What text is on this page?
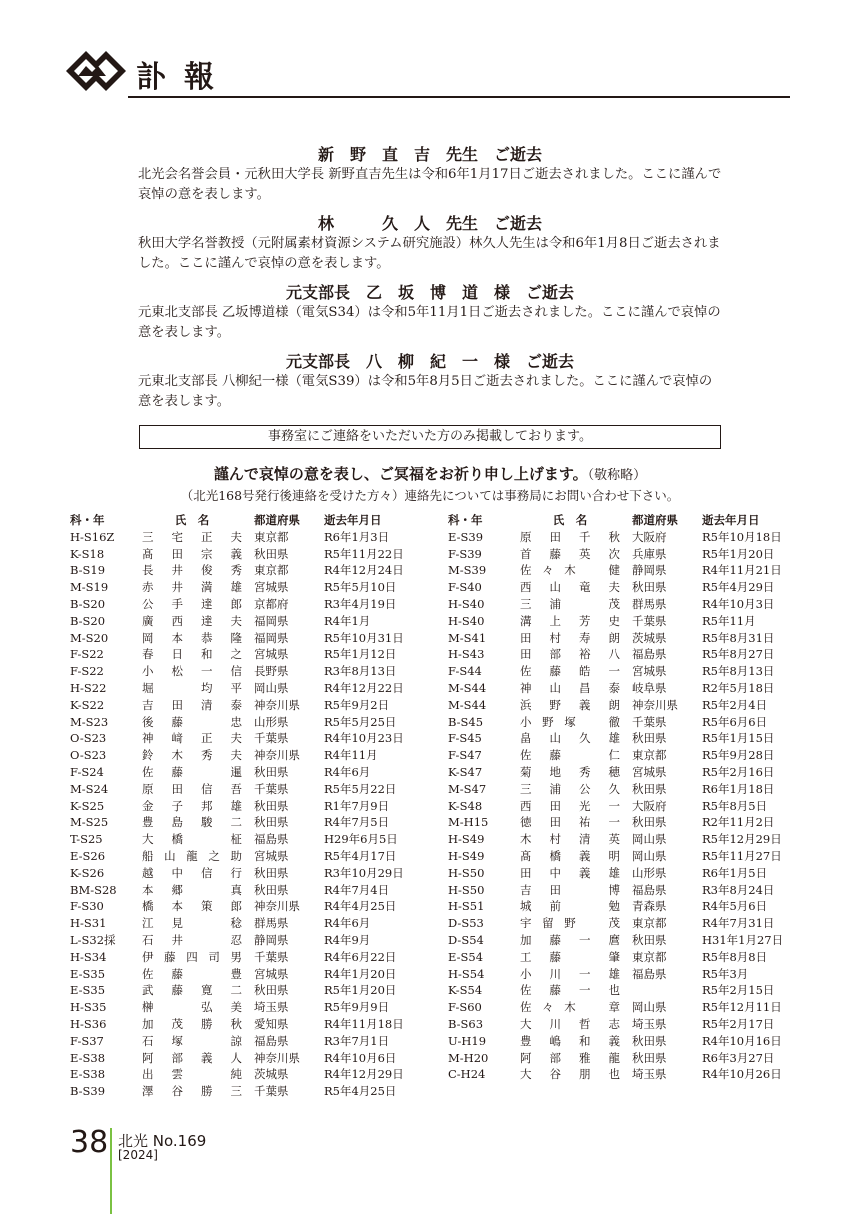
訃報
新　野　直　吉　先生　ご逝去
北光会名誉会員・元秋田大学長 新野直吉先生は令和6年1月17日ご逝去されました。ここに謹んで哀悼の意を表します。
林　　　久　人　先生　ご逝去
秋田大学名誉教授（元附属素材資源システム研究施設）林久人先生は令和6年1月8日ご逝去されました。ここに謹んで哀悼の意を表します。
元支部長　乙　坂　博　道　様　ご逝去
元東北支部長 乙坂博道様（電気S34）は令和5年11月1日ご逝去されました。ここに謹んで哀悼の意を表します。
元支部長　八　柳　紀　一　様　ご逝去
元東北支部長 八柳紀一様（電気S39）は令和5年8月5日ご逝去されました。ここに謹んで哀悼の意を表します。
事務室にご連絡をいただいた方のみ掲載しております。
謹んで哀悼の意を表し、ご冥福をお祈り申し上げます。（敬称略）
（北光168号発行後連絡を受けた方々）連絡先については事務局にお問い合わせ下さい。
科・年	氏　名	都道府県	逝去年月日
H-S16Z	三宅正夫	東京都	R6年1月3日
K-S18	髙田宗義	秋田県	R5年11月22日
B-S19	長井俊秀	東京都	R4年12月24日
M-S19	赤井満雄	宮城県	R5年5月10日
B-S20	公手達郎	京都府	R3年4月19日
B-S20	廣西達夫	福岡県	R4年1月
M-S20	岡本恭隆	福岡県	R5年10月31日
F-S22	春日和之	宮城県	R5年1月12日
F-S22	小松一信	長野県	R3年8月13日
H-S22	堀　均平	岡山県	R4年12月22日
K-S22	吉田清泰	神奈川県	R5年9月2日
M-S23	後藤　忠	山形県	R5年5月25日
O-S23	神﨑正夫	千葉県	R4年10月23日
O-S23	鈴木秀夫	神奈川県	R4年11月
F-S24	佐藤　暹	秋田県	R4年6月
M-S24	原田信吾	千葉県	R5年5月22日
K-S25	金子邦雄	秋田県	R1年7月9日
M-S25	豊島駿二	秋田県	R4年7月5日
T-S25	大橋　柾	福島県	H29年6月5日
E-S26	船山龍之助	宮城県	R5年4月17日
K-S26	越中信行	秋田県	R3年10月29日
BM-S28	本郷　真	秋田県	R4年7月4日
F-S30	橋本策郎	神奈川県	R4年4月25日
H-S31	江見　稔	群馬県	R4年6月
L-S32採	石井　忍	静岡県	R4年9月
H-S34	伊藤四司男	千葉県	R4年6月22日
E-S35	佐藤　豊	宮城県	R4年1月20日
E-S35	武藤寛二	秋田県	R5年1月20日
H-S35	榊　弘美	埼玉県	R5年9月9日
H-S36	加茂勝秋	愛知県	R4年11月18日
F-S37	石塚　諒	福島県	R3年7月1日
E-S38	阿部義人	神奈川県	R4年10月6日
E-S38	出雲　純	茨城県	R4年12月29日
B-S39	澤谷勝三	千葉県	R5年4月25日
科・年	氏　名	都道府県	逝去年月日
E-S39	原田千秋	大阪府	R5年10月18日
F-S39	首藤英次	兵庫県	R5年1月20日
M-S39	佐々木　健	静岡県	R4年11月21日
F-S40	西山竜夫	秋田県	R5年4月29日
H-S40	三浦　茂	群馬県	R4年10月3日
H-S40	溝上芳史	千葉県	R5年11月
M-S41	田村寿朗	茨城県	R5年8月31日
H-S43	田部裕八	福島県	R5年8月27日
F-S44	佐藤皓一	宮城県	R5年8月13日
M-S44	神山昌泰	岐阜県	R2年5月18日
M-S44	浜野義朗	神奈川県	R5年2月4日
B-S45	小野塚　徹	千葉県	R5年6月6日
F-S45	畠山久雄	秋田県	R5年1月15日
F-S47	佐藤　仁	東京都	R5年9月28日
K-S47	菊地秀穂	宮城県	R5年2月16日
M-S47	三浦公久	秋田県	R6年1月18日
K-S48	西田光一	大阪府	R5年8月5日
M-H15	徳田祐一	秋田県	R2年11月2日
H-S49	木村清英	岡山県	R5年12月29日
H-S49	髙橋義明	岡山県	R5年11月27日
H-S50	田中義雄	山形県	R6年1月5日
H-S50	吉田　博	福島県	R3年8月24日
H-S51	城前　勉	青森県	R4年5月6日
D-S53	宇留野　茂	東京都	R4年7月31日
D-S54	加藤一麿	秋田県	H31年1月27日
E-S54	工藤　肇	東京都	R5年8月8日
H-S54	小川一雄	福島県	R5年3月
K-S54	佐藤一也		R5年2月15日
F-S60	佐々木　章	岡山県	R5年12月11日
B-S63	大川哲志	埼玉県	R5年2月17日
U-H19	豊嶋和義	秋田県	R4年10月16日
M-H20	阿部雅龍	秋田県	R6年3月27日
C-H24	大谷朋也	埼玉県	R4年10月26日
38 北光 No.169
[2024]
